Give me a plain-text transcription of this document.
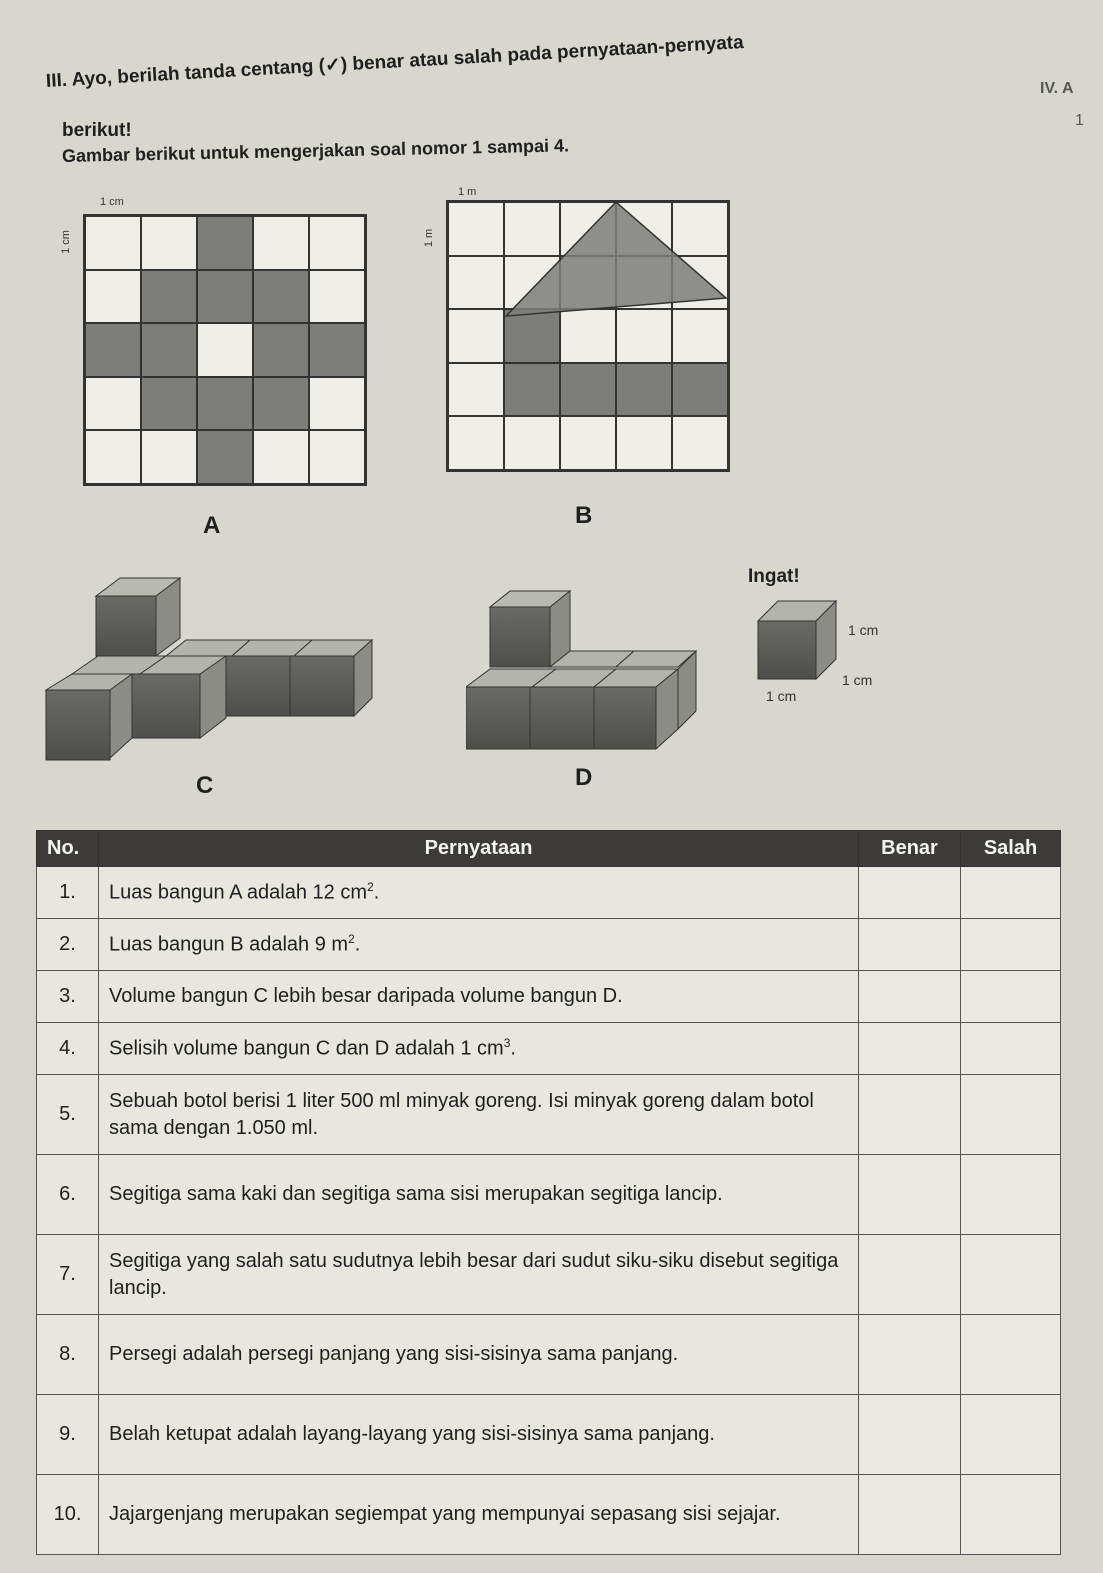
III. Ayo, berilah tanda centang (✓) benar atau salah pada pernyataan-pernyata
berikut!
Gambar berikut untuk mengerjakan soal nomor 1 sampai 4.
IV. A
1
1 cm
1 cm
A
1 m
1 m
B
C	D
Ingat!
1 cm
1 cm
1 cm
No.	Pernyataan	Benar	Salah
1.	Luas bangun A adalah 12 $cm^2$.		
2.	Luas bangun B adalah 9 $m^2$.		
3.	Volume bangun C lebih besar daripada volume bangun D.		
4.	Selisih volume bangun C dan D adalah 1 $cm^3$.		
5.	Sebuah botol berisi 1 liter 500 ml minyak goreng. Isi minyak goreng dalam botol sama dengan 1.050 ml.		
6.	Segitiga sama kaki dan segitiga sama sisi merupakan segitiga lancip.		
7.	Segitiga yang salah satu sudutnya lebih besar dari sudut siku-siku disebut segitiga lancip.		
8.	Persegi adalah persegi panjang yang sisi-sisinya sama panjang.		
9.	Belah ketupat adalah layang-layang yang sisi-sisinya sama panjang.		
10.	Jajargenjang merupakan segiempat yang mempunyai sepasang sisi sejajar.		
